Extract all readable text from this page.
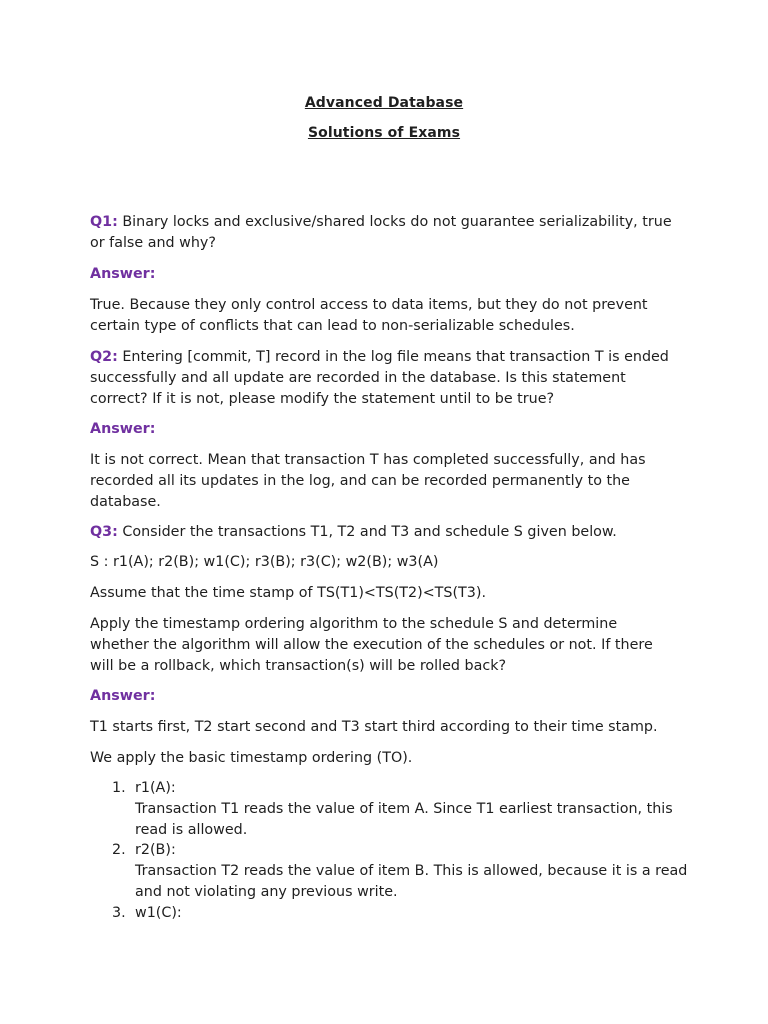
Advanced Database
Solutions of Exams

Q1: Binary locks and exclusive/shared locks do not guarantee serializability, true or false and why?

Answer:

True. Because they only control access to data items, but they do not prevent certain type of conflicts that can lead to non-serializable schedules.

Q2: Entering [commit, T] record in the log file means that transaction T is ended successfully and all update are recorded in the database. Is this statement correct? If it is not, please modify the statement until to be true?

Answer:

It is not correct. Mean that transaction T has completed successfully, and has recorded all its updates in the log, and can be recorded permanently to the database.

Q3: Consider the transactions T1, T2 and T3 and schedule S given below.

S : r1(A); r2(B); w1(C); r3(B); r3(C); w2(B); w3(A)

Assume that the time stamp of TS(T1)<TS(T2)<TS(T3).

Apply the timestamp ordering algorithm to the schedule S and determine whether the algorithm will allow the execution of the schedules or not. If there will be a rollback, which transaction(s) will be rolled back?

Answer:

T1 starts first, T2 start second and T3 start third according to their time stamp.

We apply the basic timestamp ordering (TO).

1. r1(A):
Transaction T1 reads the value of item A. Since T1 earliest transaction, this read is allowed.
2. r2(B):
Transaction T2 reads the value of item B. This is allowed, because it is a read and not violating any previous write.
3. w1(C):
